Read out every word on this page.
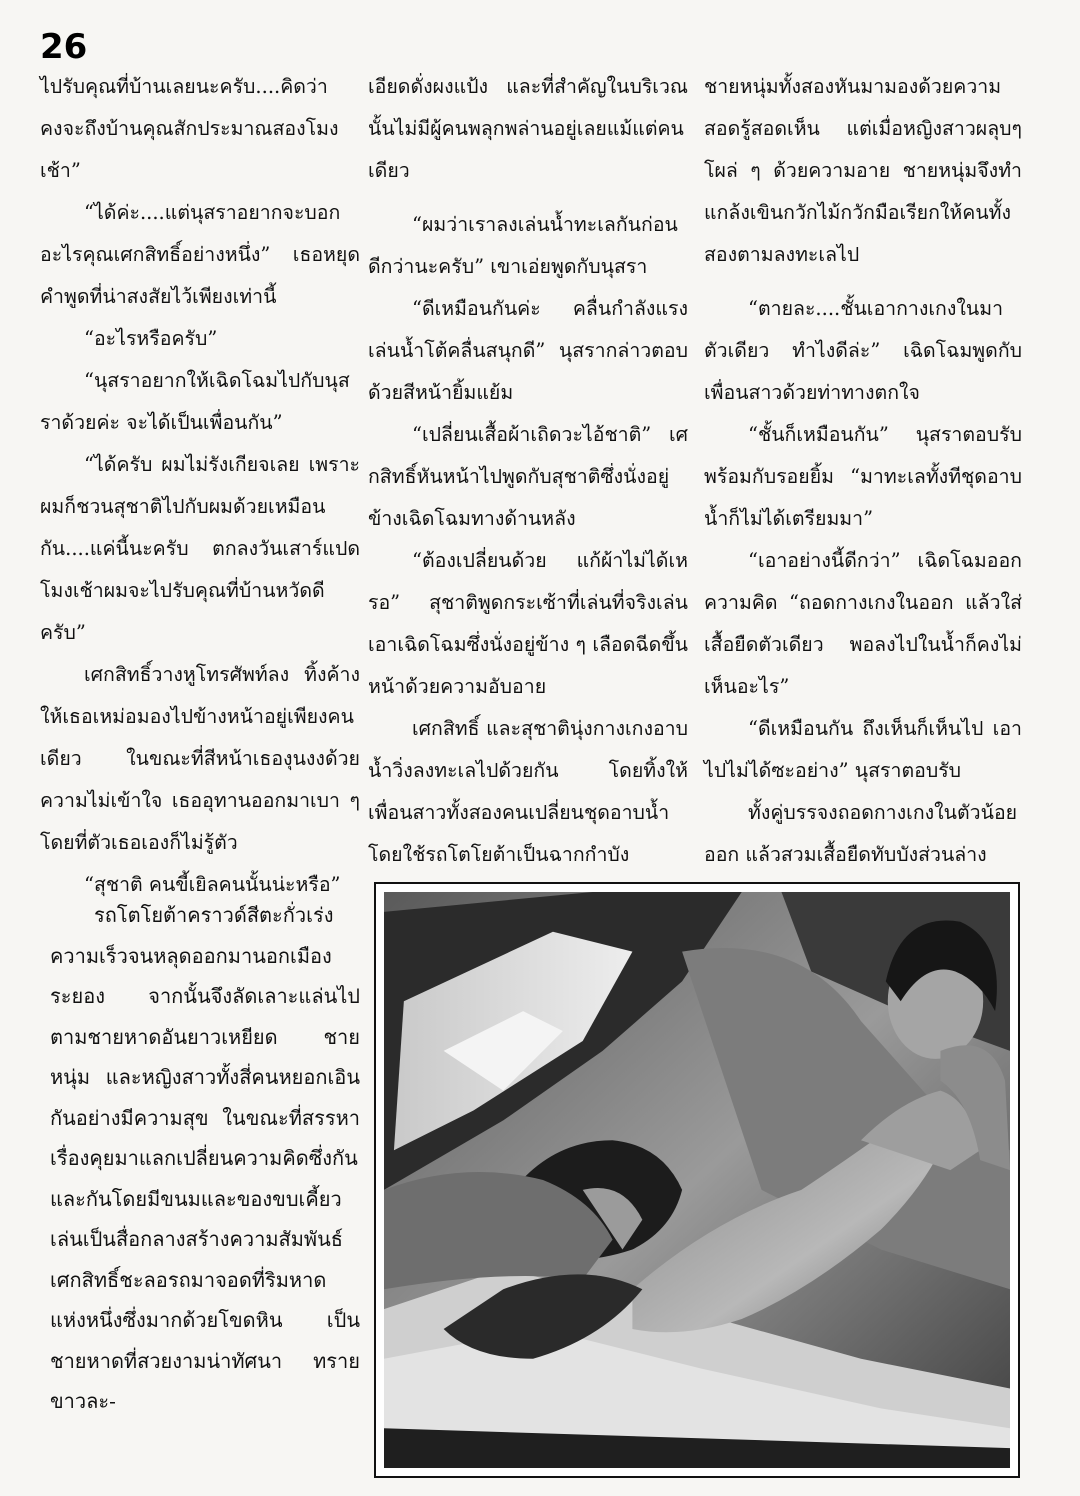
26

ไปรับคุณที่บ้านเลยนะครับ....คิดว่าคงจะถึงบ้านคุณสักประมาณสองโมงเช้า”

“ได้ค่ะ....แต่นุสราอยากจะบอกอะไรคุณเศกสิทธิ์อย่างหนึ่ง” เธอหยุดคำพูดที่น่าสงสัยไว้เพียงเท่านี้

“อะไรหรือครับ”

“นุสราอยากให้เฉิดโฉมไปกับนุสราด้วยค่ะ จะได้เป็นเพื่อนกัน”

“ได้ครับ ผมไม่รังเกียจเลย เพราะผมก็ชวนสุชาติไปกับผมด้วยเหมือนกัน....แค่นี้นะครับ ตกลงวันเสาร์แปดโมงเช้าผมจะไปรับคุณที่บ้านหวัดดีครับ”

เศกสิทธิ์วางหูโทรศัพท์ลง ทิ้งค้างให้เธอเหม่อมองไปข้างหน้าอยู่เพียงคนเดียว ในขณะที่สีหน้าเธองุนงงด้วยความไม่เข้าใจ เธออุทานออกมาเบา ๆ โดยที่ตัวเธอเองก็ไม่รู้ตัว

“สุชาติ คนขี้เยิลคนนั้นน่ะหรือ”

เอียดดั่งผงแป้ง และที่สำคัญในบริเวณนั้นไม่มีผู้คนพลุกพล่านอยู่เลยแม้แต่คนเดียว

“ผมว่าเราลงเล่นน้ำทะเลกันก่อนดีกว่านะครับ” เขาเอ่ยพูดกับนุสรา

“ดีเหมือนกันค่ะ คลื่นกำลังแรงเล่นน้ำโต้คลื่นสนุกดี” นุสรากล่าวตอบด้วยสีหน้ายิ้มแย้ม

“เปลี่ยนเสื้อผ้าเถิดวะไอ้ชาติ” เศกสิทธิ์หันหน้าไปพูดกับสุชาติซึ่งนั่งอยู่ข้างเฉิดโฉมทางด้านหลัง

“ต้องเปลี่ยนด้วย แก้ผ้าไม่ได้เหรอ” สุชาติพูดกระเซ้าที่เล่นที่จริงเล่นเอาเฉิดโฉมซึ่งนั่งอยู่ข้าง ๆ เลือดฉีดขึ้นหน้าด้วยความอับอาย

เศกสิทธิ์ และสุชาตินุ่งกางเกงอาบน้ำวิ่งลงทะเลไปด้วยกัน โดยทิ้งให้เพื่อนสาวทั้งสองคนเปลี่ยนชุดอาบน้ำโดยใช้รถโตโยต้าเป็นฉากกำบัง

ชายหนุ่มทั้งสองหันมามองด้วยความสอดรู้สอดเห็น แต่เมื่อหญิงสาวผลุบๆ โผล่ ๆ ด้วยความอาย ชายหนุ่มจึงทำแกล้งเขินกวักไม้กวักมือเรียกให้คนทั้งสองตามลงทะเลไป

“ตายละ....ชั้นเอากางเกงในมาตัวเดียว ทำไงดีล่ะ” เฉิดโฉมพูดกับเพื่อนสาวด้วยท่าทางตกใจ

“ชั้นก็เหมือนกัน” นุสราตอบรับพร้อมกับรอยยิ้ม “มาทะเลทั้งทีชุดอาบน้ำก็ไม่ได้เตรียมมา”

“เอาอย่างนี้ดีกว่า” เฉิดโฉมออกความคิด “ถอดกางเกงในออก แล้วใส่เสื้อยืดตัวเดียว พอลงไปในน้ำก็คงไม่เห็นอะไร”

“ดีเหมือนกัน ถึงเห็นก็เห็นไป เอาไปไม่ได้ซะอย่าง” นุสราตอบรับ

ทั้งคู่บรรจงถอดกางเกงในตัวน้อยออก แล้วสวมเสื้อยืดทับบังส่วนล่าง

รถโตโยต้าคราวด์สีตะกั่วเร่งความเร็วจนหลุดออกมานอกเมืองระยอง จากนั้นจึงลัดเลาะแล่นไปตามชายหาดอันยาวเหยียด ชายหนุ่ม และหญิงสาวทั้งสี่คนหยอกเอินกันอย่างมีความสุข ในขณะที่สรรหาเรื่องคุยมาแลกเปลี่ยนความคิดซึ่งกัน และกันโดยมีขนมและของขบเคี้ยวเล่นเป็นสื่อกลางสร้างความสัมพันธ์ เศกสิทธิ์ชะลอรถมาจอดที่ริมหาดแห่งหนึ่งซึ่งมากด้วยโขดหิน เป็นชายหาดที่สวยงามน่าทัศนา ทรายขาวละ-
